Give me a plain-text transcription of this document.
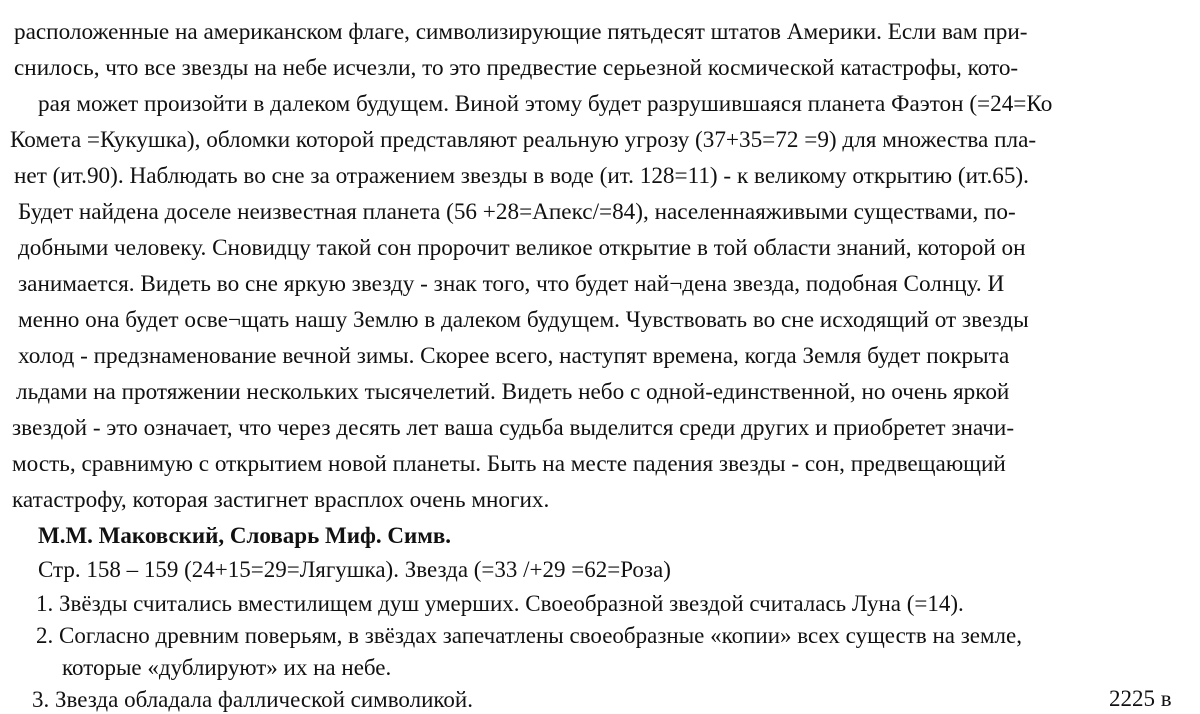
расположенные на американском флаге, символизирующие пятьдесят штатов Америки. Если вам при-
снилось, что все звезды на небе исчезли, то это предвестие серьезной космической катастрофы, кото-
рая может произойти в далеком будущем. Виной этому будет разрушившаяся планета Фаэтон (=24=Ко
Комета =Кукушка), обломки которой представляют реальную угрозу (37+35=72 =9) для множества пла-
нет (ит.90). Наблюдать во сне за отражением звезды в воде (ит. 128=11) - к великому открытию (ит.65).
Будет найдена доселе неизвестная планета (56 +28=Апекс/=84), населеннаяживыми существами, по-
добными человеку. Сновидцу такой сон пророчит великое открытие в той области знаний, которой он
занимается. Видеть во сне яркую звезду - знак того, что будет най¬дена звезда, подобная Солнцу. И
менно она будет осве¬щать нашу Землю в далеком будущем. Чувствовать во сне исходящий от звезды
холод - предзнаменование вечной зимы. Скорее всего, наступят времена, когда Земля будет покрыта
льдами на протяжении нескольких тысячелетий. Видеть небо с одной-единственной, но очень яркой
звездой - это означает, что через десять лет ваша судьба выделится среди других и приобретет значи-
мость, сравнимую с открытием новой планеты. Быть на месте падения звезды - сон, предвещающий
катастрофу, которая застигнет врасплох очень многих.
М.М. Маковский, Словарь Миф. Симв.
Стр. 158 – 159 (24+15=29=Лягушка). Звезда (=33 /+29 =62=Роза)
1. Звёзды считались вместилищем душ умерших. Своеобразной звездой считалась Луна (=14).
2. Согласно древним поверьям, в звёздах запечатлены своеобразные «копии» всех существ на земле,
которые «дублируют» их на небе.
3. Звезда обладала фаллической символикой.	2225 в
